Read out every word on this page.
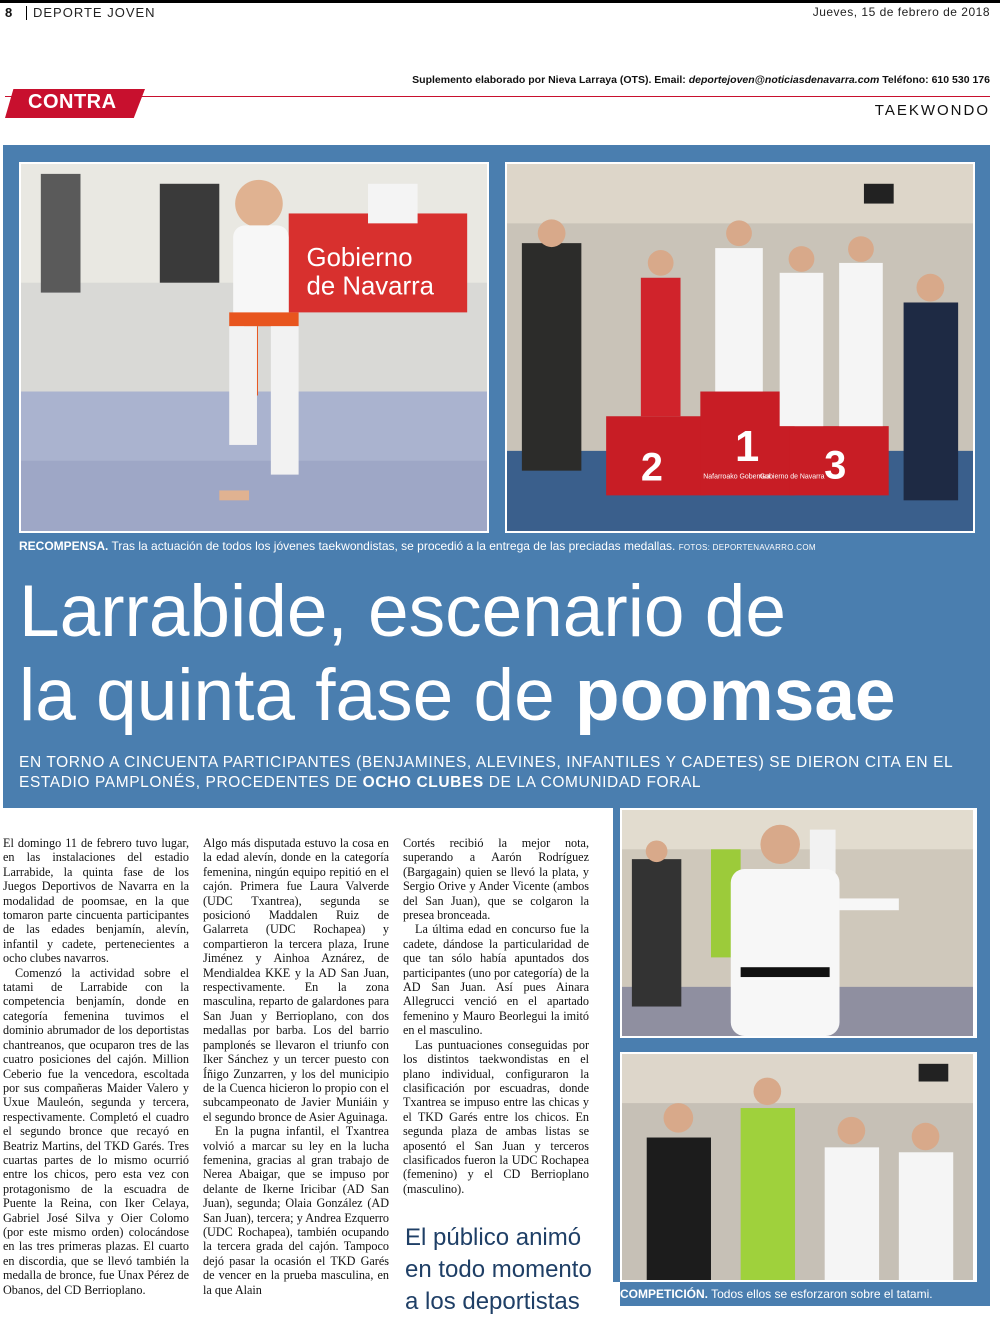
8 DEPORTE JOVEN	Jueves, 15 de febrero de 2018
Suplemento elaborado por Nieva Larraya (OTS). Email: deportejoven@noticiasdenavarra.com Teléfono: 610 530 176
CONTRA	TAEKWONDO
Gobierno
de Navarra
1
2	3
Nafarroako Gobernua
Gobierno de Navarra
RECOMPENSA. Tras la actuación de todos los jóvenes taekwondistas, se procedió a la entrega de las preciadas medallas. FOTOS: DEPORTENAVARRO.COM
Larrabide, escenario de
la quinta fase de poomsae
EN TORNO A CINCUENTA PARTICIPANTES (BENJAMINES, ALEVINES, INFANTILES Y CADETES) SE DIERON CITA EN EL ESTADIO PAMPLONÉS, PROCEDENTES DE OCHO CLUBES DE LA COMUNIDAD FORAL

El domingo 11 de febrero tuvo lugar, en las instalaciones del estadio Larrabide, la quinta fase de los Juegos Deportivos de Navarra en la modalidad de poomsae, en la que tomaron parte cincuenta participantes de las edades benjamín, alevín, infantil y cadete, pertenecientes a ocho clubes navarros.

Comenzó la actividad sobre el tatami de Larrabide con la competencia benjamín, donde en categoría femenina tuvimos el dominio abrumador de los deportistas chantreanos, que ocuparon tres de las cuatro posiciones del cajón. Million Ceberio fue la vencedora, escoltada por sus compañeras Maider Valero y Uxue Mauleón, segunda y tercera, respectivamente. Completó el cuadro el segundo bronce que recayó en Beatriz Martins, del TKD Garés. Tres cuartas partes de lo mismo ocurrió entre los chicos, pero esta vez con protagonismo de la escuadra de Puente la Reina, con Iker Celaya, Gabriel José Silva y Oier Colomo (por este mismo orden) colocándose en las tres primeras plazas. El cuarto en discordia, que se llevó también la medalla de bronce, fue Unax Pérez de Obanos, del CD Berrioplano.

Algo más disputada estuvo la cosa en la edad alevín, donde en la categoría femenina, ningún equipo repitió en el cajón. Primera fue Laura Valverde (UDC Txantrea), segunda se posicionó Maddalen Ruiz de Galarreta (UDC Rochapea) y compartieron la tercera plaza, Irune Jiménez y Ainhoa Aznárez, de Mendialdea KKE y la AD San Juan, respectivamente. En la zona masculina, reparto de galardones para San Juan y Berrioplano, con dos medallas por barba. Los del barrio pamplonés se llevaron el triunfo con Iker Sánchez y un tercer puesto con Íñigo Zunzarren, y los del municipio de la Cuenca hicieron lo propio con el subcampeonato de Javier Muniáin y el segundo bronce de Asier Aguinaga.

En la pugna infantil, el Txantrea volvió a marcar su ley en la lucha femenina, gracias al gran trabajo de Nerea Abaigar, que se impuso por delante de Ikerne Iricibar (AD San Juan), segunda; Olaia González (AD San Juan), tercera; y Andrea Ezquerro (UDC Rochapea), también ocupando la tercera grada del cajón. Tampoco dejó pasar la ocasión el TKD Garés de vencer en la prueba masculina, en la que Alain

Cortés recibió la mejor nota, superando a Aarón Rodríguez (Bargagain) quien se llevó la plata, y Sergio Orive y Ander Vicente (ambos del San Juan), que se colgaron la presea bronceada.

La última edad en concurso fue la cadete, dándose la particularidad de que tan sólo había apuntados dos participantes (uno por categoría) de la AD San Juan. Así pues Ainara Allegrucci venció en el apartado femenino y Mauro Beorlegui la imitó en el masculino.

Las puntuaciones conseguidas por los distintos taekwondistas en el plano individual, configuraron la clasificación por escuadras, donde Txantrea se impuso entre las chicas y el TKD Garés entre los chicos. En segunda plaza de ambas listas se aposentó el San Juan y terceros clasificados fueron la UDC Rochapea (femenino) y el CD Berrioplano (masculino).

El público animó en todo momento a los deportistas	COMPETICIÓN. Todos ellos se esforzaron sobre el tatami.
